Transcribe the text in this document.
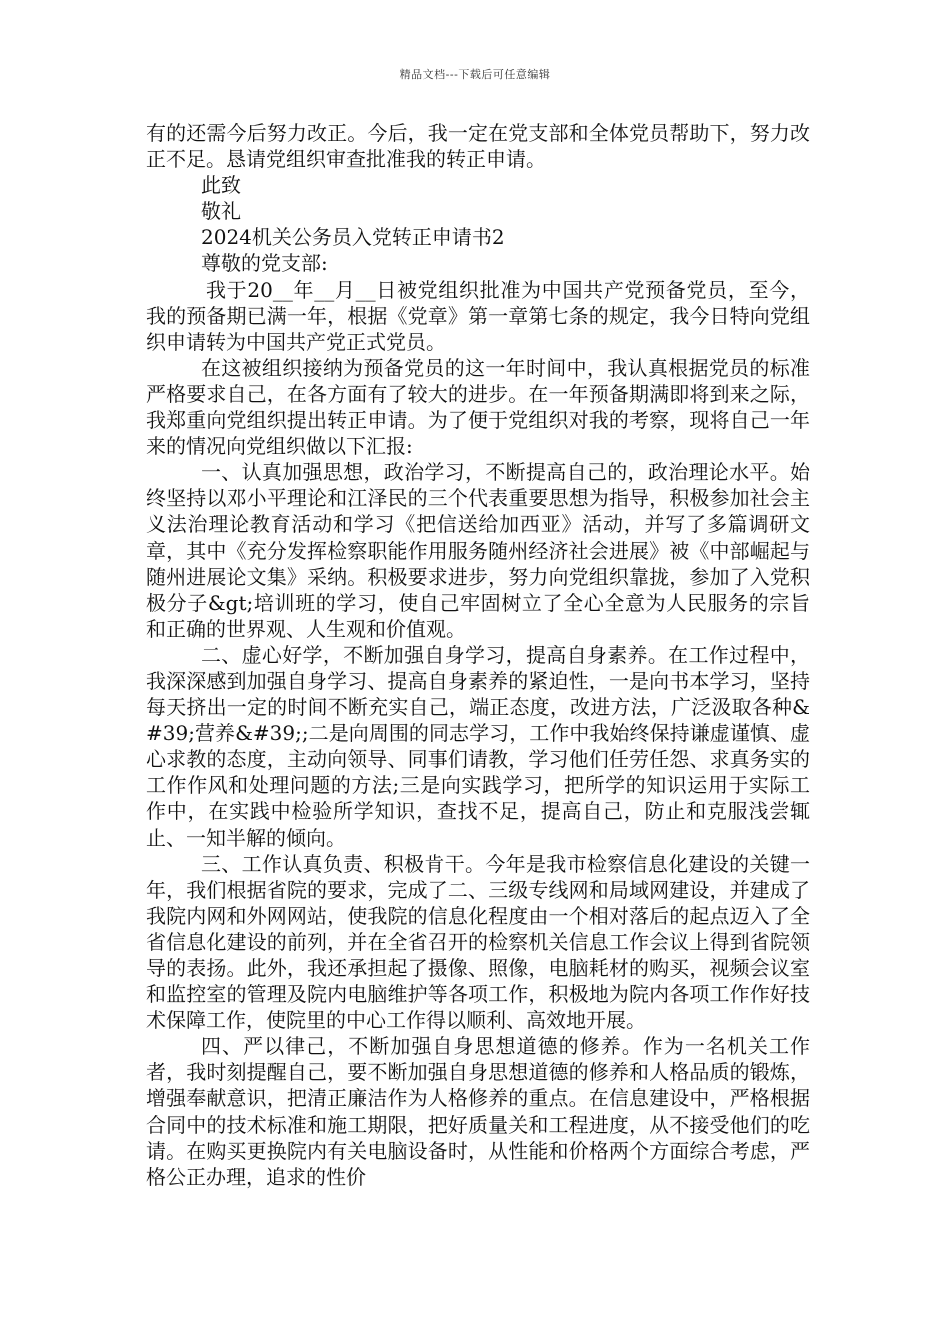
精品文档---下载后可任意编辑

有的还需今后努力改正。今后，我一定在党支部和全体党员帮助下，努力改正不足。恳请党组织审查批准我的转正申请。

此致

敬礼

2024机关公务员入党转正申请书2

尊敬的党支部:

我于20__年__月__日被党组织批准为中国共产党预备党员，至今，我的预备期已满一年，根据《党章》第一章第七条的规定，我今日特向党组织申请转为中国共产党正式党员。

在这被组织接纳为预备党员的这一年时间中，我认真根据党员的标准严格要求自己，在各方面有了较大的进步。在一年预备期满即将到来之际，我郑重向党组织提出转正申请。为了便于党组织对我的考察，现将自己一年来的情况向党组织做以下汇报:

一、认真加强思想，政治学习，不断提高自己的，政治理论水平。始终坚持以邓小平理论和江泽民的三个代表重要思想为指导，积极参加社会主义法治理论教育活动和学习《把信送给加西亚》活动，并写了多篇调研文章，其中《充分发挥检察职能作用服务随州经济社会进展》被《中部崛起与随州进展论文集》采纳。积极要求进步，努力向党组织靠拢，参加了入党积极分子&gt;培训班的学习，使自己牢固树立了全心全意为人民服务的宗旨和正确的世界观、人生观和价值观。

二、虚心好学，不断加强自身学习，提高自身素养。在工作过程中，我深深感到加强自身学习、提高自身素养的紧迫性，一是向书本学习，坚持每天挤出一定的时间不断充实自己，端正态度，改进方法，广泛汲取各种&#39;营养&#39;;二是向周围的同志学习，工作中我始终保持谦虚谨慎、虚心求教的态度，主动向领导、同事们请教，学习他们任劳任怨、求真务实的工作作风和处理问题的方法;三是向实践学习，把所学的知识运用于实际工作中，在实践中检验所学知识，查找不足，提高自己，防止和克服浅尝辄止、一知半解的倾向。

三、工作认真负责、积极肯干。今年是我市检察信息化建设的关键一年，我们根据省院的要求，完成了二、三级专线网和局域网建设，并建成了我院内网和外网网站，使我院的信息化程度由一个相对落后的起点迈入了全省信息化建设的前列，并在全省召开的检察机关信息工作会议上得到省院领导的表扬。此外，我还承担起了摄像、照像，电脑耗材的购买，视频会议室和监控室的管理及院内电脑维护等各项工作，积极地为院内各项工作作好技术保障工作，使院里的中心工作得以顺利、高效地开展。

四、严以律己，不断加强自身思想道德的修养。作为一名机关工作者，我时刻提醒自己，要不断加强自身思想道德的修养和人格品质的锻炼，增强奉献意识，把清正廉洁作为人格修养的重点。在信息建设中，严格根据合同中的技术标准和施工期限，把好质量关和工程进度，从不接受他们的吃请。在购买更换院内有关电脑设备时，从性能和价格两个方面综合考虑，严格公正办理，追求的性价
